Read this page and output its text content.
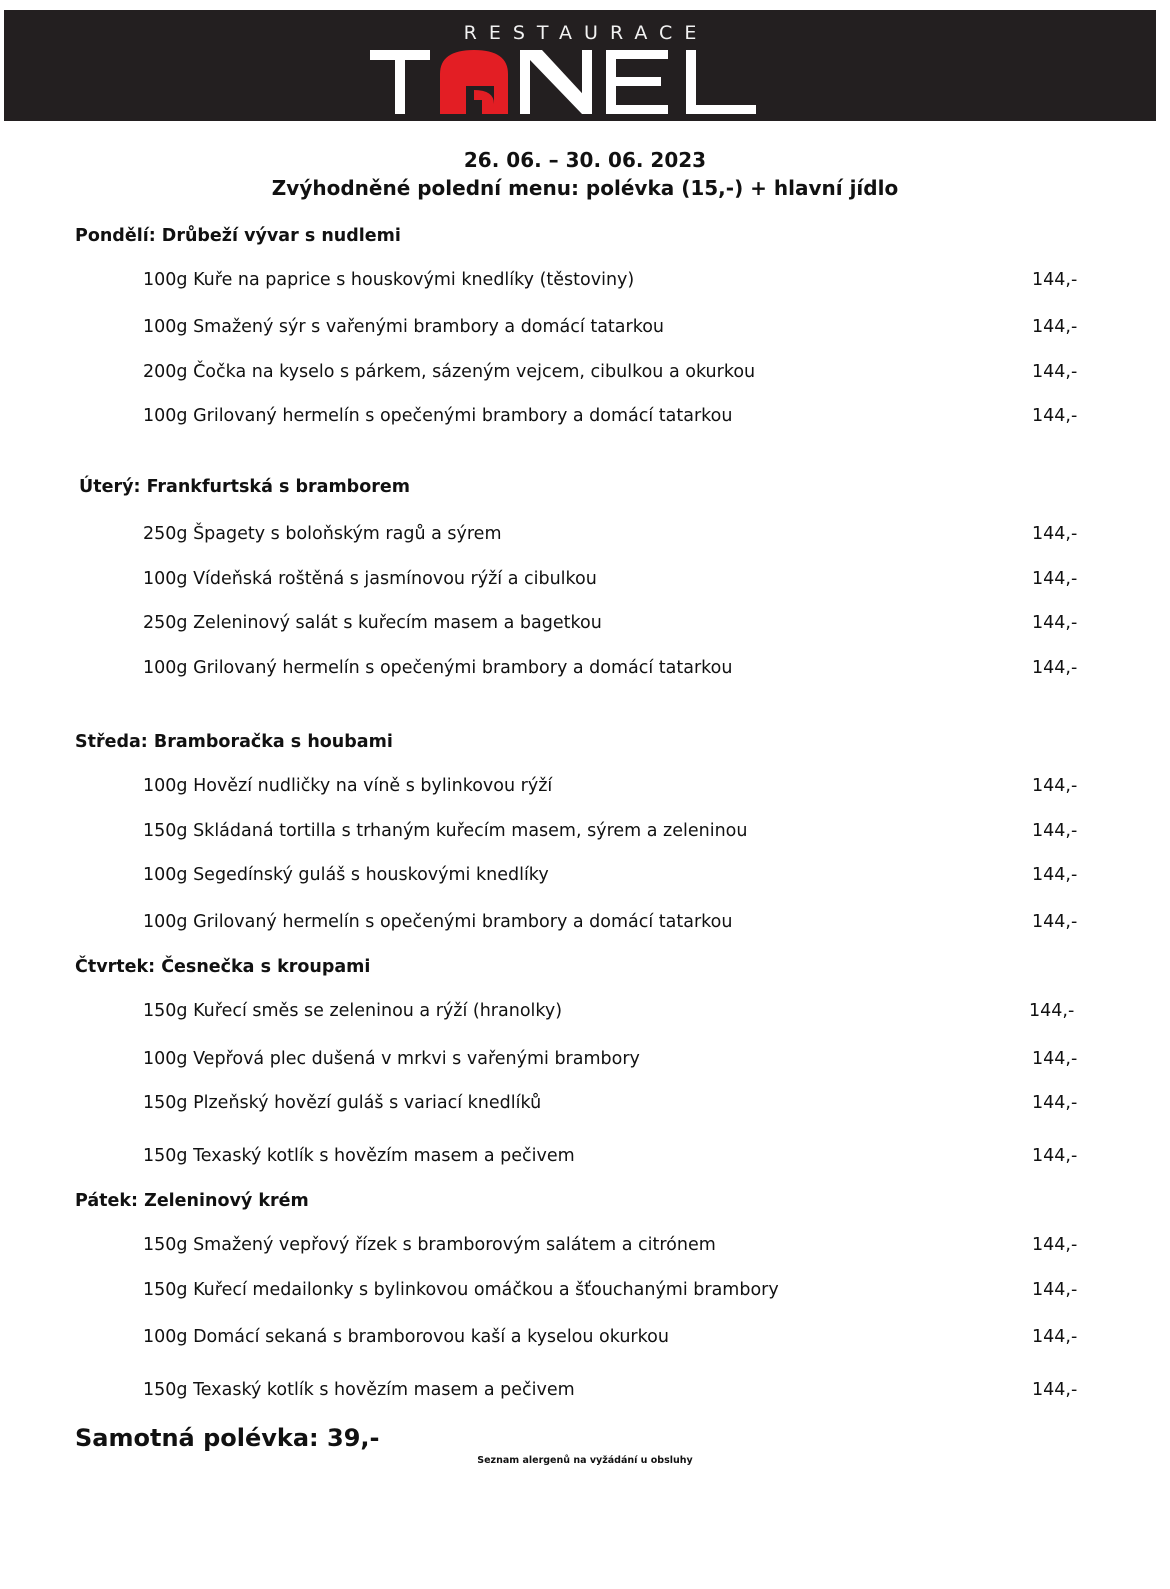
RESTAURACE
26. 06. – 30. 06. 2023
Zvýhodněné polední menu: polévka (15,-) + hlavní jídlo
Pondělí: Drůbeží vývar s nudlemi
100g Kuře na paprice s houskovými knedlíky (těstoviny)	144,-
100g Smažený sýr s vařenými brambory a domácí tatarkou	144,-
200g Čočka na kyselo s párkem, sázeným vejcem, cibulkou a okurkou	144,-
100g Grilovaný hermelín s opečenými brambory a domácí tatarkou	144,-
Úterý: Frankfurtská s bramborem
250g Špagety s boloňským ragů a sýrem	144,-
100g Vídeňská roštěná s jasmínovou rýží a cibulkou	144,-
250g Zeleninový salát s kuřecím masem a bagetkou	144,-
100g Grilovaný hermelín s opečenými brambory a domácí tatarkou	144,-
Středa: Bramboračka s houbami
100g Hovězí nudličky na víně s bylinkovou rýží	144,-
150g Skládaná tortilla s trhaným kuřecím masem, sýrem a zeleninou	144,-
100g Segedínský guláš s houskovými knedlíky	144,-
100g Grilovaný hermelín s opečenými brambory a domácí tatarkou	144,-
Čtvrtek: Česnečka s kroupami
150g Kuřecí směs se zeleninou a rýží (hranolky)	144,-
100g Vepřová plec dušená v mrkvi s vařenými brambory	144,-
150g Plzeňský hovězí guláš s variací knedlíků	144,-
150g Texaský kotlík s hovězím masem a pečivem	144,-
Pátek: Zeleninový krém
150g Smažený vepřový řízek s bramborovým salátem a citrónem	144,-
150g Kuřecí medailonky s bylinkovou omáčkou a šťouchanými brambory	144,-
100g Domácí sekaná s bramborovou kaší a kyselou okurkou	144,-
150g Texaský kotlík s hovězím masem a pečivem	144,-
Samotná polévka: 39,-
Seznam alergenů na vyžádání u obsluhy
